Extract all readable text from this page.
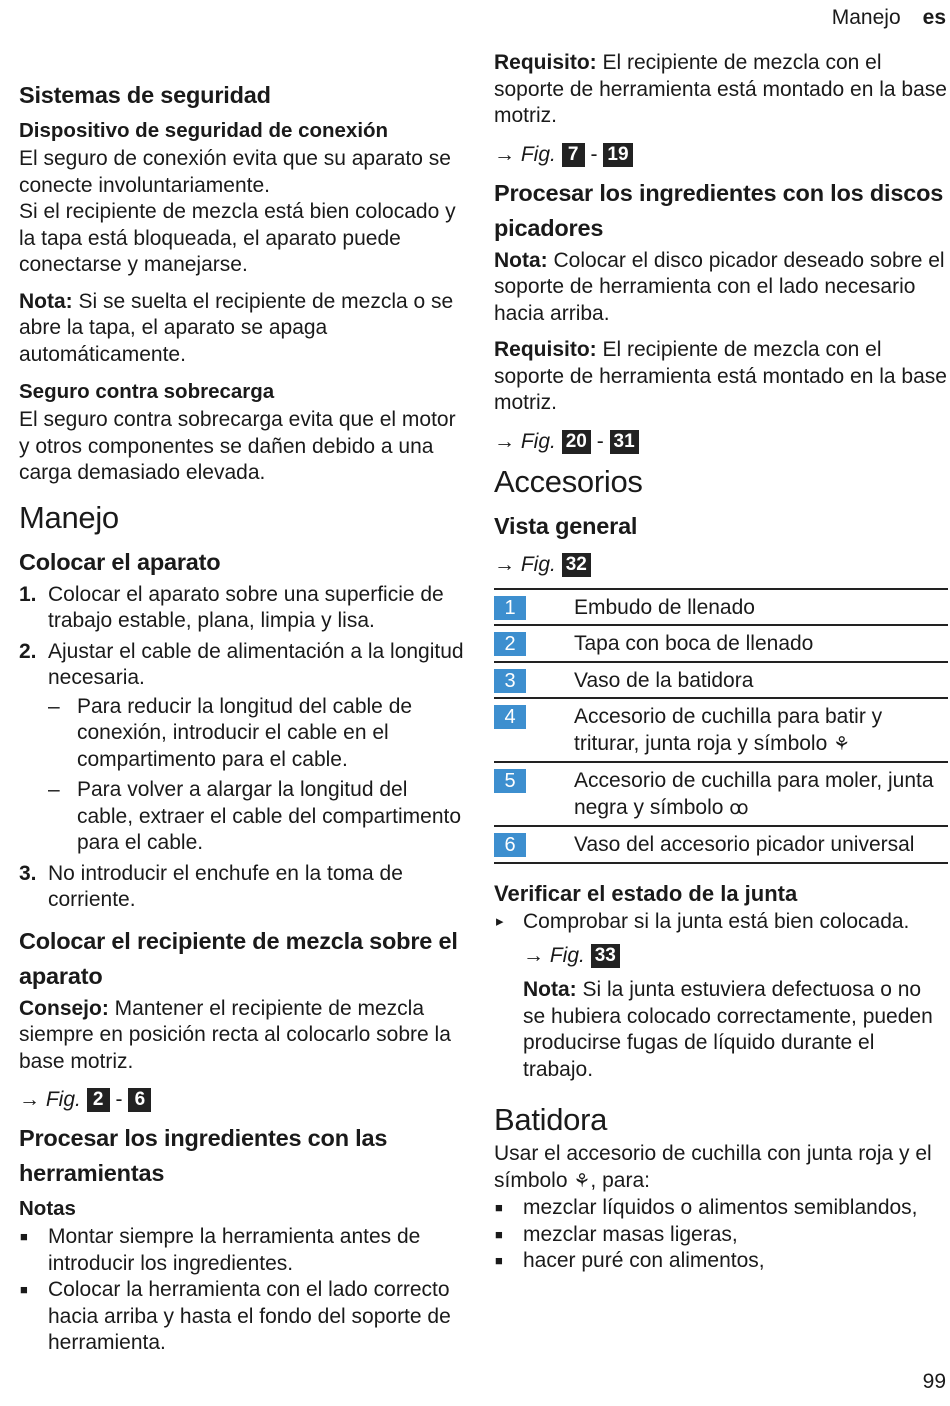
Manejo es
Sistemas de seguridad
Dispositivo de seguridad de conexión

El seguro de conexión evita que su aparato se conecte involuntariamente.

Si el recipiente de mezcla está bien colocado y la tapa está bloqueada, el aparato puede conectarse y manejarse.

Nota: Si se suelta el recipiente de mezcla o se abre la tapa, el aparato se apaga automáticamente.

Seguro contra sobrecarga

El seguro contra sobrecarga evita que el motor y otros componentes se dañen debido a una carga demasiado elevada.

Manejo
Colocar el aparato
1. Colocar el aparato sobre una superficie de trabajo estable, plana, limpia y lisa.
2. Ajustar el cable de alimentación a la longitud necesaria.
– Para reducir la longitud del cable de conexión, introducir el cable en el compartimento para el cable.
– Para volver a alargar la longitud del cable, extraer el cable del compartimento para el cable.
3. No introducir el enchufe en la toma de corriente.
Colocar el recipiente de mezcla sobre el aparato

Consejo: Mantener el recipiente de mezcla siempre en posición recta al colocarlo sobre la base motriz.

→ Fig. 2 - 6
Procesar los ingredientes con las herramientas
Notas
■ Montar siempre la herramienta antes de introducir los ingredientes.
■ Colocar la herramienta con el lado correcto hacia arriba y hasta el fondo del soporte de herramienta.

Requisito: El recipiente de mezcla con el soporte de herramienta está montado en la base motriz.

→ Fig. 7 - 19
Procesar los ingredientes con los discos picadores

Nota: Colocar el disco picador deseado sobre el soporte de herramienta con el lado necesario hacia arriba.

Requisito: El recipiente de mezcla con el soporte de herramienta está montado en la base motriz.

→ Fig. 20 - 31
Accesorios
Vista general
→ Fig. 32
1	Embudo de llenado
2	Tapa con boca de llenado
3	Vaso de la batidora
4	Accesorio de cuchilla para batir y triturar, junta roja y símbolo ⚘
5	Accesorio de cuchilla para moler, junta negra y símbolo ꝏ
6	Vaso del accesorio picador universal
Verificar el estado de la junta
▸ Comprobar si la junta está bien colocada.
→ Fig. 33

Nota: Si la junta estuviera defectuosa o no se hubiera colocado correctamente, pueden producirse fugas de líquido durante el trabajo.

Batidora

Usar el accesorio de cuchilla con junta roja y el símbolo ⚘, para:

■ mezclar líquidos o alimentos semiblandos,
■ mezclar masas ligeras,
■ hacer puré con alimentos,
99
